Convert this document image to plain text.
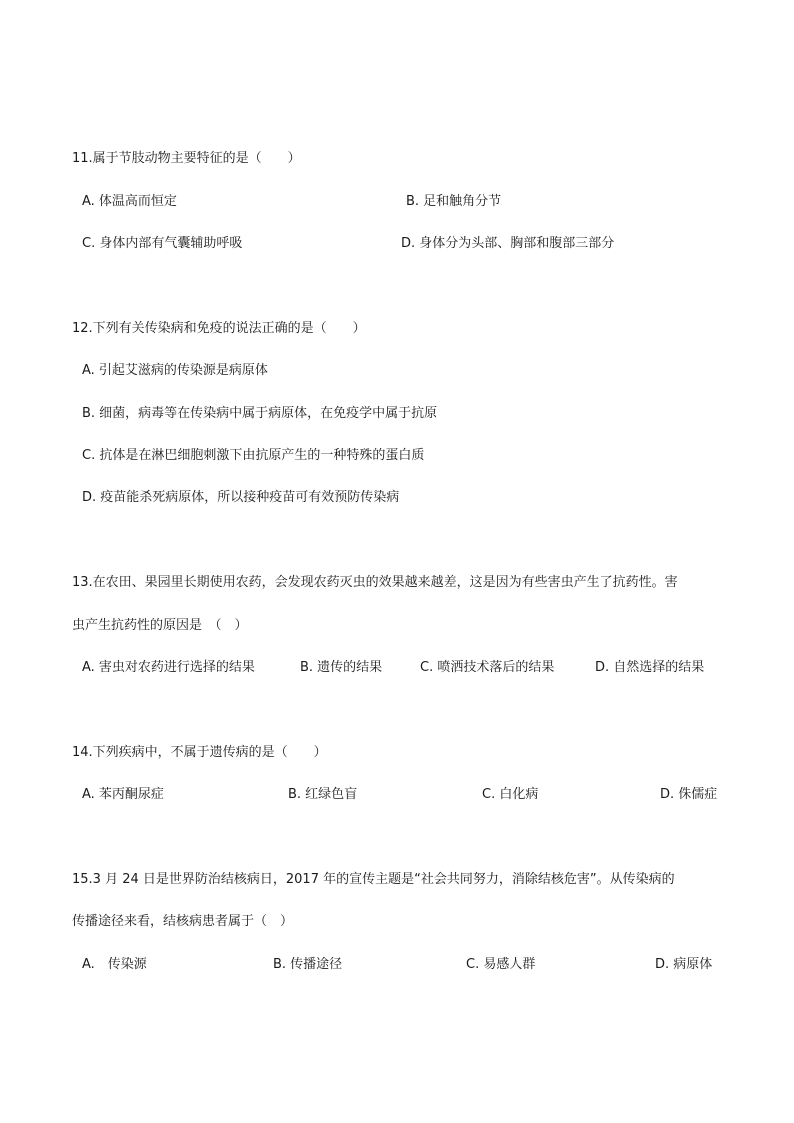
11.属于节肢动物主要特征的是（　　）
A. 体温高而恒定	B. 足和触角分节
C. 身体内部有气囊辅助呼吸	D. 身体分为头部、胸部和腹部三部分
12.下列有关传染病和免疫的说法正确的是（　　）
A. 引起艾滋病的传染源是病原体
B. 细菌，病毒等在传染病中属于病原体，在免疫学中属于抗原
C. 抗体是在淋巴细胞刺激下由抗原产生的一种特殊的蛋白质
D. 疫苗能杀死病原体，所以接种疫苗可有效预防传染病
13.在农田、果园里长期使用农药，会发现农药灭虫的效果越来越差，这是因为有些害虫产生了抗药性。害
虫产生抗药性的原因是　（　）
A. 害虫对农药进行选择的结果	B. 遗传的结果	C. 喷洒技术落后的结果	D. 自然选择的结果
14.下列疾病中，不属于遗传病的是（　　）
A. 苯丙酮尿症	B. 红绿色盲	C. 白化病	D. 侏儒症
15.3 月 24 日是世界防治结核病日，2017 年的宣传主题是“社会共同努力，消除结核危害”。从传染病的
传播途径来看，结核病患者属于（　）
A.　传染源	B. 传播途径	C. 易感人群	D. 病原体
